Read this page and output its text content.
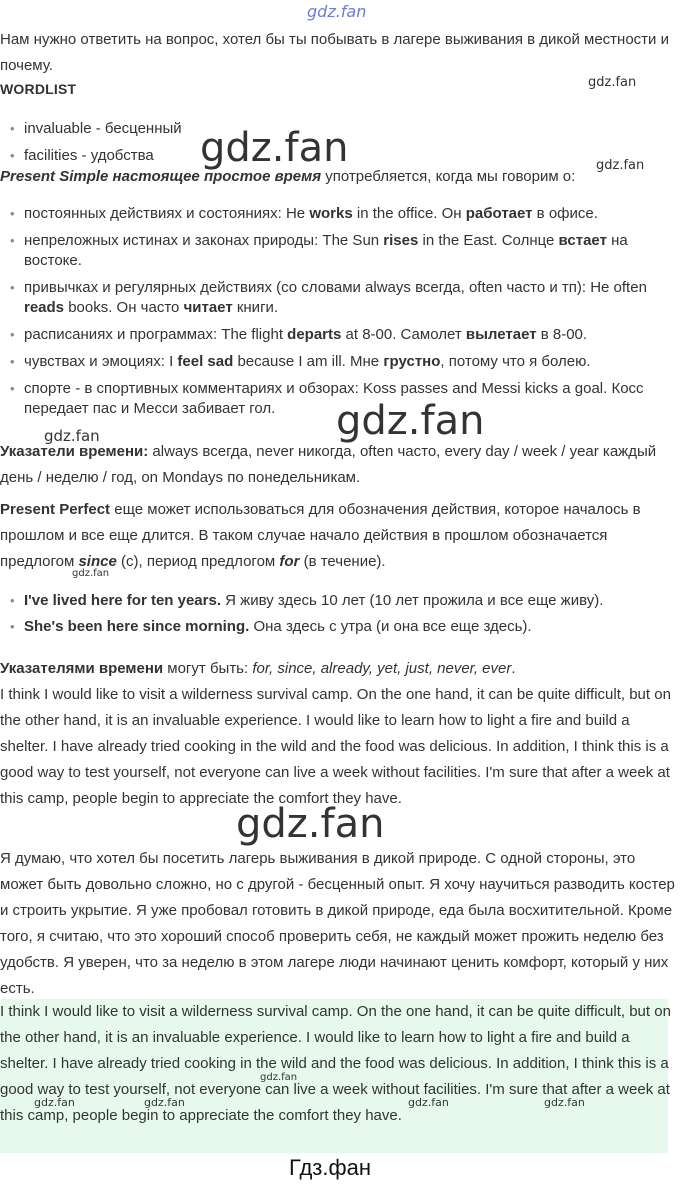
gdz.fan

Нам нужно ответить на вопрос, хотел бы ты побывать в лагере выживания в дикой местности и почему.

WORDLIST
• invaluable - бесценный
• facilities - удобства

Present Simple настоящее простое время употребляется, когда мы говорим о:

• постоянных действиях и состояниях: He works in the office. Он работает в офисе.
• непреложных истинах и законах природы: The Sun rises in the East. Солнце встает на востоке.
• привычках и регулярных действиях (со словами always всегда, often часто и тп): He often reads books. Он часто читает книги.
• расписаниях и программах: The flight departs at 8-00. Самолет вылетает в 8-00.
• чувствах и эмоциях: I feel sad because I am ill. Мне грустно, потому что я болею.
• спорте - в спортивных комментариях и обзорах: Koss passes and Messi kicks a goal. Косс передает пас и Месси забивает гол.

Указатели времени: always всегда, never никогда, often часто, every day / week / year каждый день / неделю / год, on Mondays по понедельникам.

Present Perfect еще может использоваться для обозначения действия, которое началось в прошлом и все еще длится. В таком случае начало действия в прошлом обозначается предлогом since (с), период предлогом for (в течение).

• I've lived here for ten years. Я живу здесь 10 лет (10 лет прожила и все еще живу).
• She's been here since morning. Она здесь с утра (и она все еще здесь).

Указателями времени могут быть: for, since, already, yet, just, never, ever.

I think I would like to visit a wilderness survival camp. On the one hand, it can be quite difficult, but on the other hand, it is an invaluable experience. I would like to learn how to light a fire and build a shelter. I have already tried cooking in the wild and the food was delicious. In addition, I think this is a good way to test yourself, not everyone can live a week without facilities. I'm sure that after a week at this camp, people begin to appreciate the comfort they have.

Я думаю, что хотел бы посетить лагерь выживания в дикой природе. С одной стороны, это может быть довольно сложно, но с другой - бесценный опыт. Я хочу научиться разводить костер и строить укрытие. Я уже пробовал готовить в дикой природе, еда была восхитительной. Кроме того, я считаю, что это хороший способ проверить себя, не каждый может прожить неделю без удобств. Я уверен, что за неделю в этом лагере люди начинают ценить комфорт, который у них есть.

I think I would like to visit a wilderness survival camp. On the one hand, it can be quite difficult, but on the other hand, it is an invaluable experience. I would like to learn how to light a fire and build a shelter. I have already tried cooking in the wild and the food was delicious. In addition, I think this is a good way to test yourself, not everyone can live a week without facilities. I'm sure that after a week at this camp, people begin to appreciate the comfort they have.

gdz.fan
gdz.fan	gdz.fan
gdz.fan
gdz.fan
gdz.fan
gdz.fan
gdz.fan
gdz.fan	gdz.fan	gdz.fan	gdz.fan
Гдз.фан
